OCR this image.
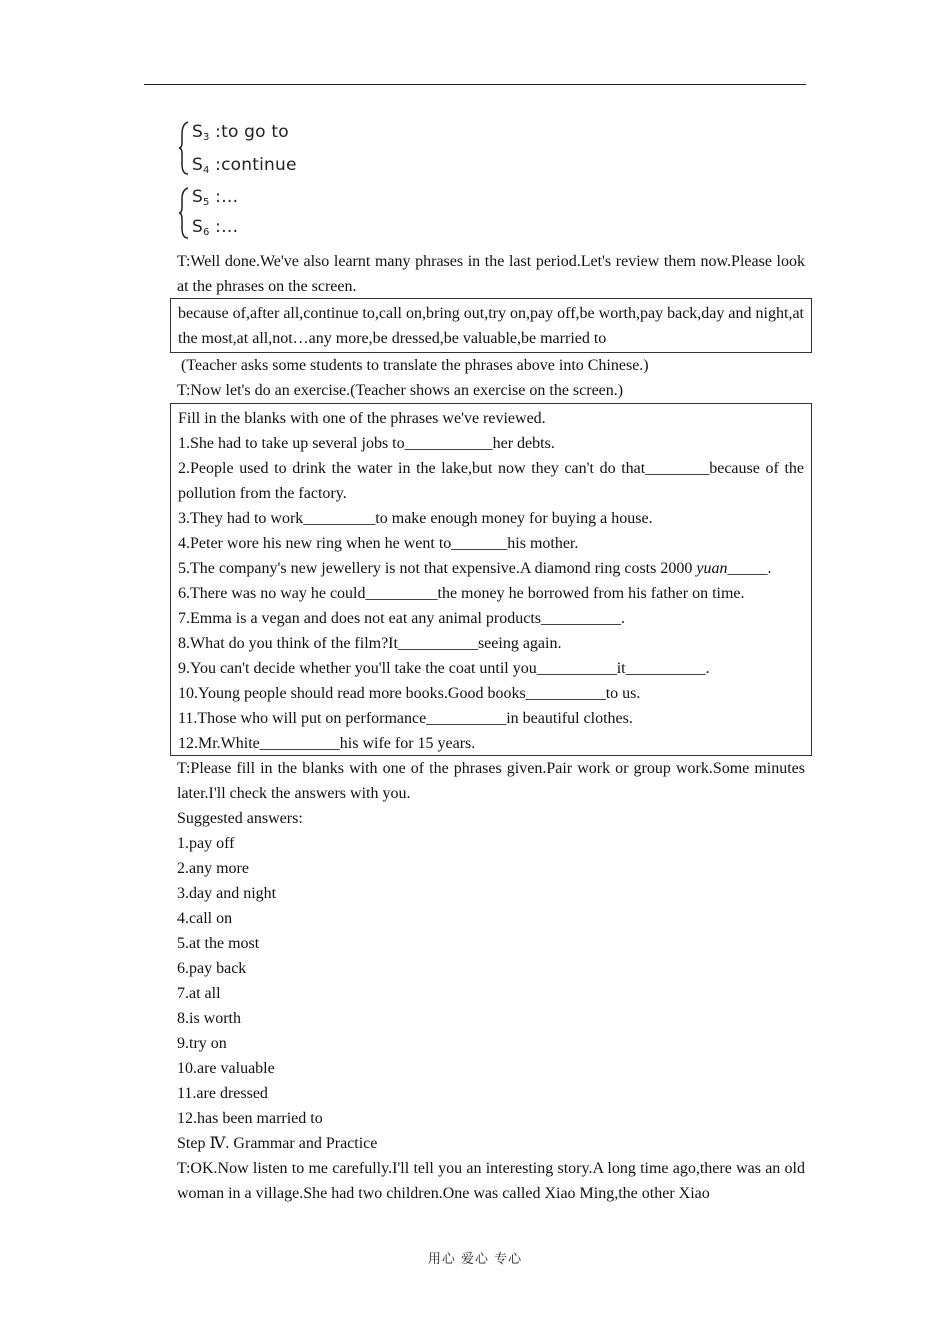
$S_3$ :to go to
$S_4$ :continue
$S_5$ :…
$S_6$ :…
T:Well done.We've also learnt many phrases in the last period.Let's review them now.Please look at the phrases on the screen.
because of,after all,continue to,call on,bring out,try on,pay off,be worth,pay back,day and night,at the most,at all,not…any more,be dressed,be valuable,be married to
(Teacher asks some students to translate the phrases above into Chinese.)
T:Now let's do an exercise.(Teacher shows an exercise on the screen.)
Fill in the blanks with one of the phrases we've reviewed.
1.She had to take up several jobs to___________her debts.
2.People used to drink the water in the lake,but now they can't do that________because of the pollution from the factory.
3.They had to work_________to make enough money for buying a house.
4.Peter wore his new ring when he went to_______his mother.
5.The company's new jewellery is not that expensive.A diamond ring costs 2000 yuan_____.
6.There was no way he could_________the money he borrowed from his father on time.
7.Emma is a vegan and does not eat any animal products__________.
8.What do you think of the film?It__________seeing again.
9.You can't decide whether you'll take the coat until you__________it__________.
10.Young people should read more books.Good books__________to us.
11.Those who will put on performance__________in beautiful clothes.
12.Mr.White__________his wife for 15 years.
T:Please fill in the blanks with one of the phrases given.Pair work or group work.Some minutes later.I'll check the answers with you.
Suggested answers:
1.pay off
2.any more
3.day and night
4.call on
5.at the most
6.pay back
7.at all
8.is worth
9.try on
10.are valuable
11.are dressed
12.has been married to
Step Ⅳ. Grammar and Practice
T:OK.Now listen to me carefully.I'll tell you an interesting story.A long time ago,there was an old woman in a village.She had two children.One was called Xiao Ming,the other Xiao
用心 爱心 专心
